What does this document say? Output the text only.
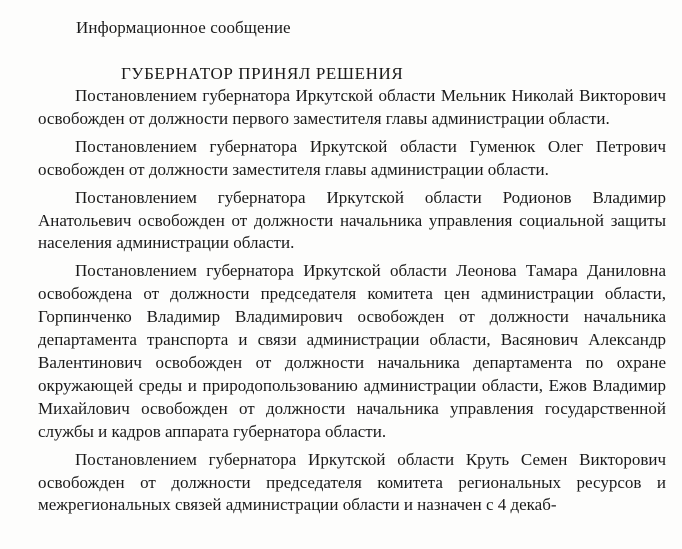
Информационное сообщение
ГУБЕРНАТОР ПРИНЯЛ РЕШЕНИЯ

Постановлением губернатора Иркутской области Мельник Николай Викторович освобожден от должности первого заместителя главы администрации области.

Постановлением губернатора Иркутской области Гуменюк Олег Петрович освобожден от должности заместителя главы администрации области.

Постановлением губернатора Иркутской области Родионов Владимир Анатольевич освобожден от должности начальника управления социальной защиты населения администрации области.

Постановлением губернатора Иркутской области Леонова Тамара Даниловна освобождена от должности председателя комитета цен администрации области, Горпинченко Владимир Владимирович освобожден от должности начальника департамента транспорта и связи администрации области, Васянович Александр Валентинович освобожден от должности начальника департамента по охране окружающей среды и природопользованию администрации области, Ежов Владимир Михайлович освобожден от должности начальника управления государственной службы и кадров аппарата губернатора области.

Постановлением губернатора Иркутской области Круть Семен Викторович освобожден от должности председателя комитета региональных ресурсов и межрегиональных связей администрации области и назначен с 4 декаб-
